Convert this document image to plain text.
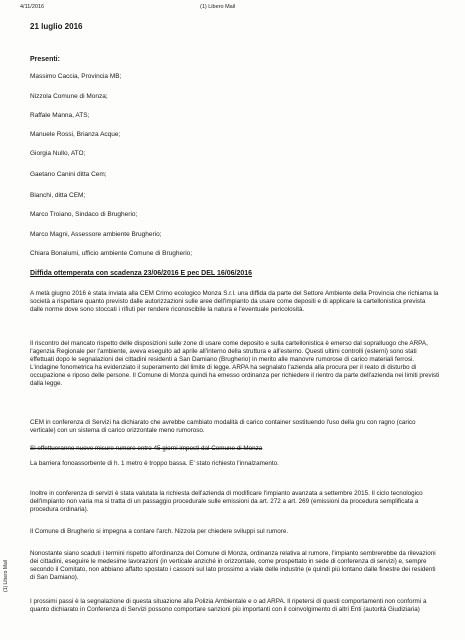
4/11/2016	(1) Libero Mail
21 luglio 2016
Presenti:
Massimo Caccia, Provincia MB;
Nizzola Comune di Monza;
Raffale Manna, ATS;
Manuele Rossi, Brianza Acque;
Giorgia Nullo, ATO;
Gaetano Canini ditta Cem;
Bianchi, ditta CEM;
Marco Troiano, Sindaco di Brugherio;
Marco Magni, Assessore ambiente Brugherio;
Chiara Bonalumi, ufficio ambiente Comune di Brugherio;
Diffida ottemperata con scadenza 23/06/2016 E pec DEL 16/06/2016

A metà giugno 2016 è stata inviata alla CEM Crimo ecologico Monza S.r.l. una diffida da parte del Settore Ambiente della Provincia che richiama la società a rispettare quanto previsto dalle autorizzazioni sulle aree dell'impianto da usare come depositi e di applicare la cartellonistica prevista dalle norme dove sono stoccati i rifiuti per rendere riconoscibile la natura e l'eventuale pericolosità.

Il riscontro del mancato rispetto delle disposizioni sulle zone di usare come deposito e sulla cartellonistica è emerso dal sopralluogo che ARPA, l'agenzia Regionale per l'ambiente, aveva eseguito ad aprile all'interno della struttura e all'esterno. Questi ultimi controlli (esterni) sono stati effettuati dopo le segnalazioni dei cittadini residenti a San Damiano (Brugherio) in merito alle manovre rumorose di carico materiali ferrosi. L'indagine fonometrica ha evidenziato il superamento del limite di legge. ARPA ha segnalato l'azienda alla procura per il reato di disturbo di occupazione e riposo delle persone. Il Comune di Monza quindi ha emesso ordinanza per richiedere il rientro da parte dell'azienda nei limiti previsti dalla legge.

CEM in conferenza di Servizi ha dichiarato che avrebbe cambiato modalità di carico container sostituendo l'uso della gru con ragno (carico verticale) con un sistema di carico orizzontale meno rumoroso.

Si effettueranno nuove misure rumore entro 45 giorni imposti dal Comune di Monza

La barriera fonoassorbente di h. 1 metro è troppo bassa. E' stato richiesto l'innalzamento.

Inoltre in conferenza di servizi è stata valutata la richiesta dell'azienda di modificare l'impianto avanzata a settembre 2015. Il ciclo tecnologico dell'impianto non varia ma si tratta di un passaggio procedurale sulle emissioni da art. 272 a art. 269 (emissioni da procedura semplificata a procedura ordinaria).

Il Comune di Brugherio si impegna a contare l'arch. Nizzola per chiedere sviluppi sul rumore.

Nonostante siano scaduti i termini rispetto all'ordinanza del Comune di Monza, ordinanza relativa al rumore, l'impianto sembrerebbe da rilevazioni dei cittadini, eseguire le medesime lavorazioni (in verticale anziché in orizzontale, come prospettato in sede di conferenza di servizi) e, sempre secondo il Comitato, non abbiano affatto spostato i cassoni sul lato prossimo a viale delle industrie (e quindi più lontano dalle finestre dei residenti di San Damiano).

I prossimi passi è la segnalazione di questa situazione alla Polizia Ambientale e o ad ARPA. Il ripetersi di questi comportamenti non conformi a quanto dichiarato in Conferenza di Servizi possono comportare sanzioni più importanti con il coinvolgimento di altri Enti (autorità Giudiziaria)

(1) Libero Mail
